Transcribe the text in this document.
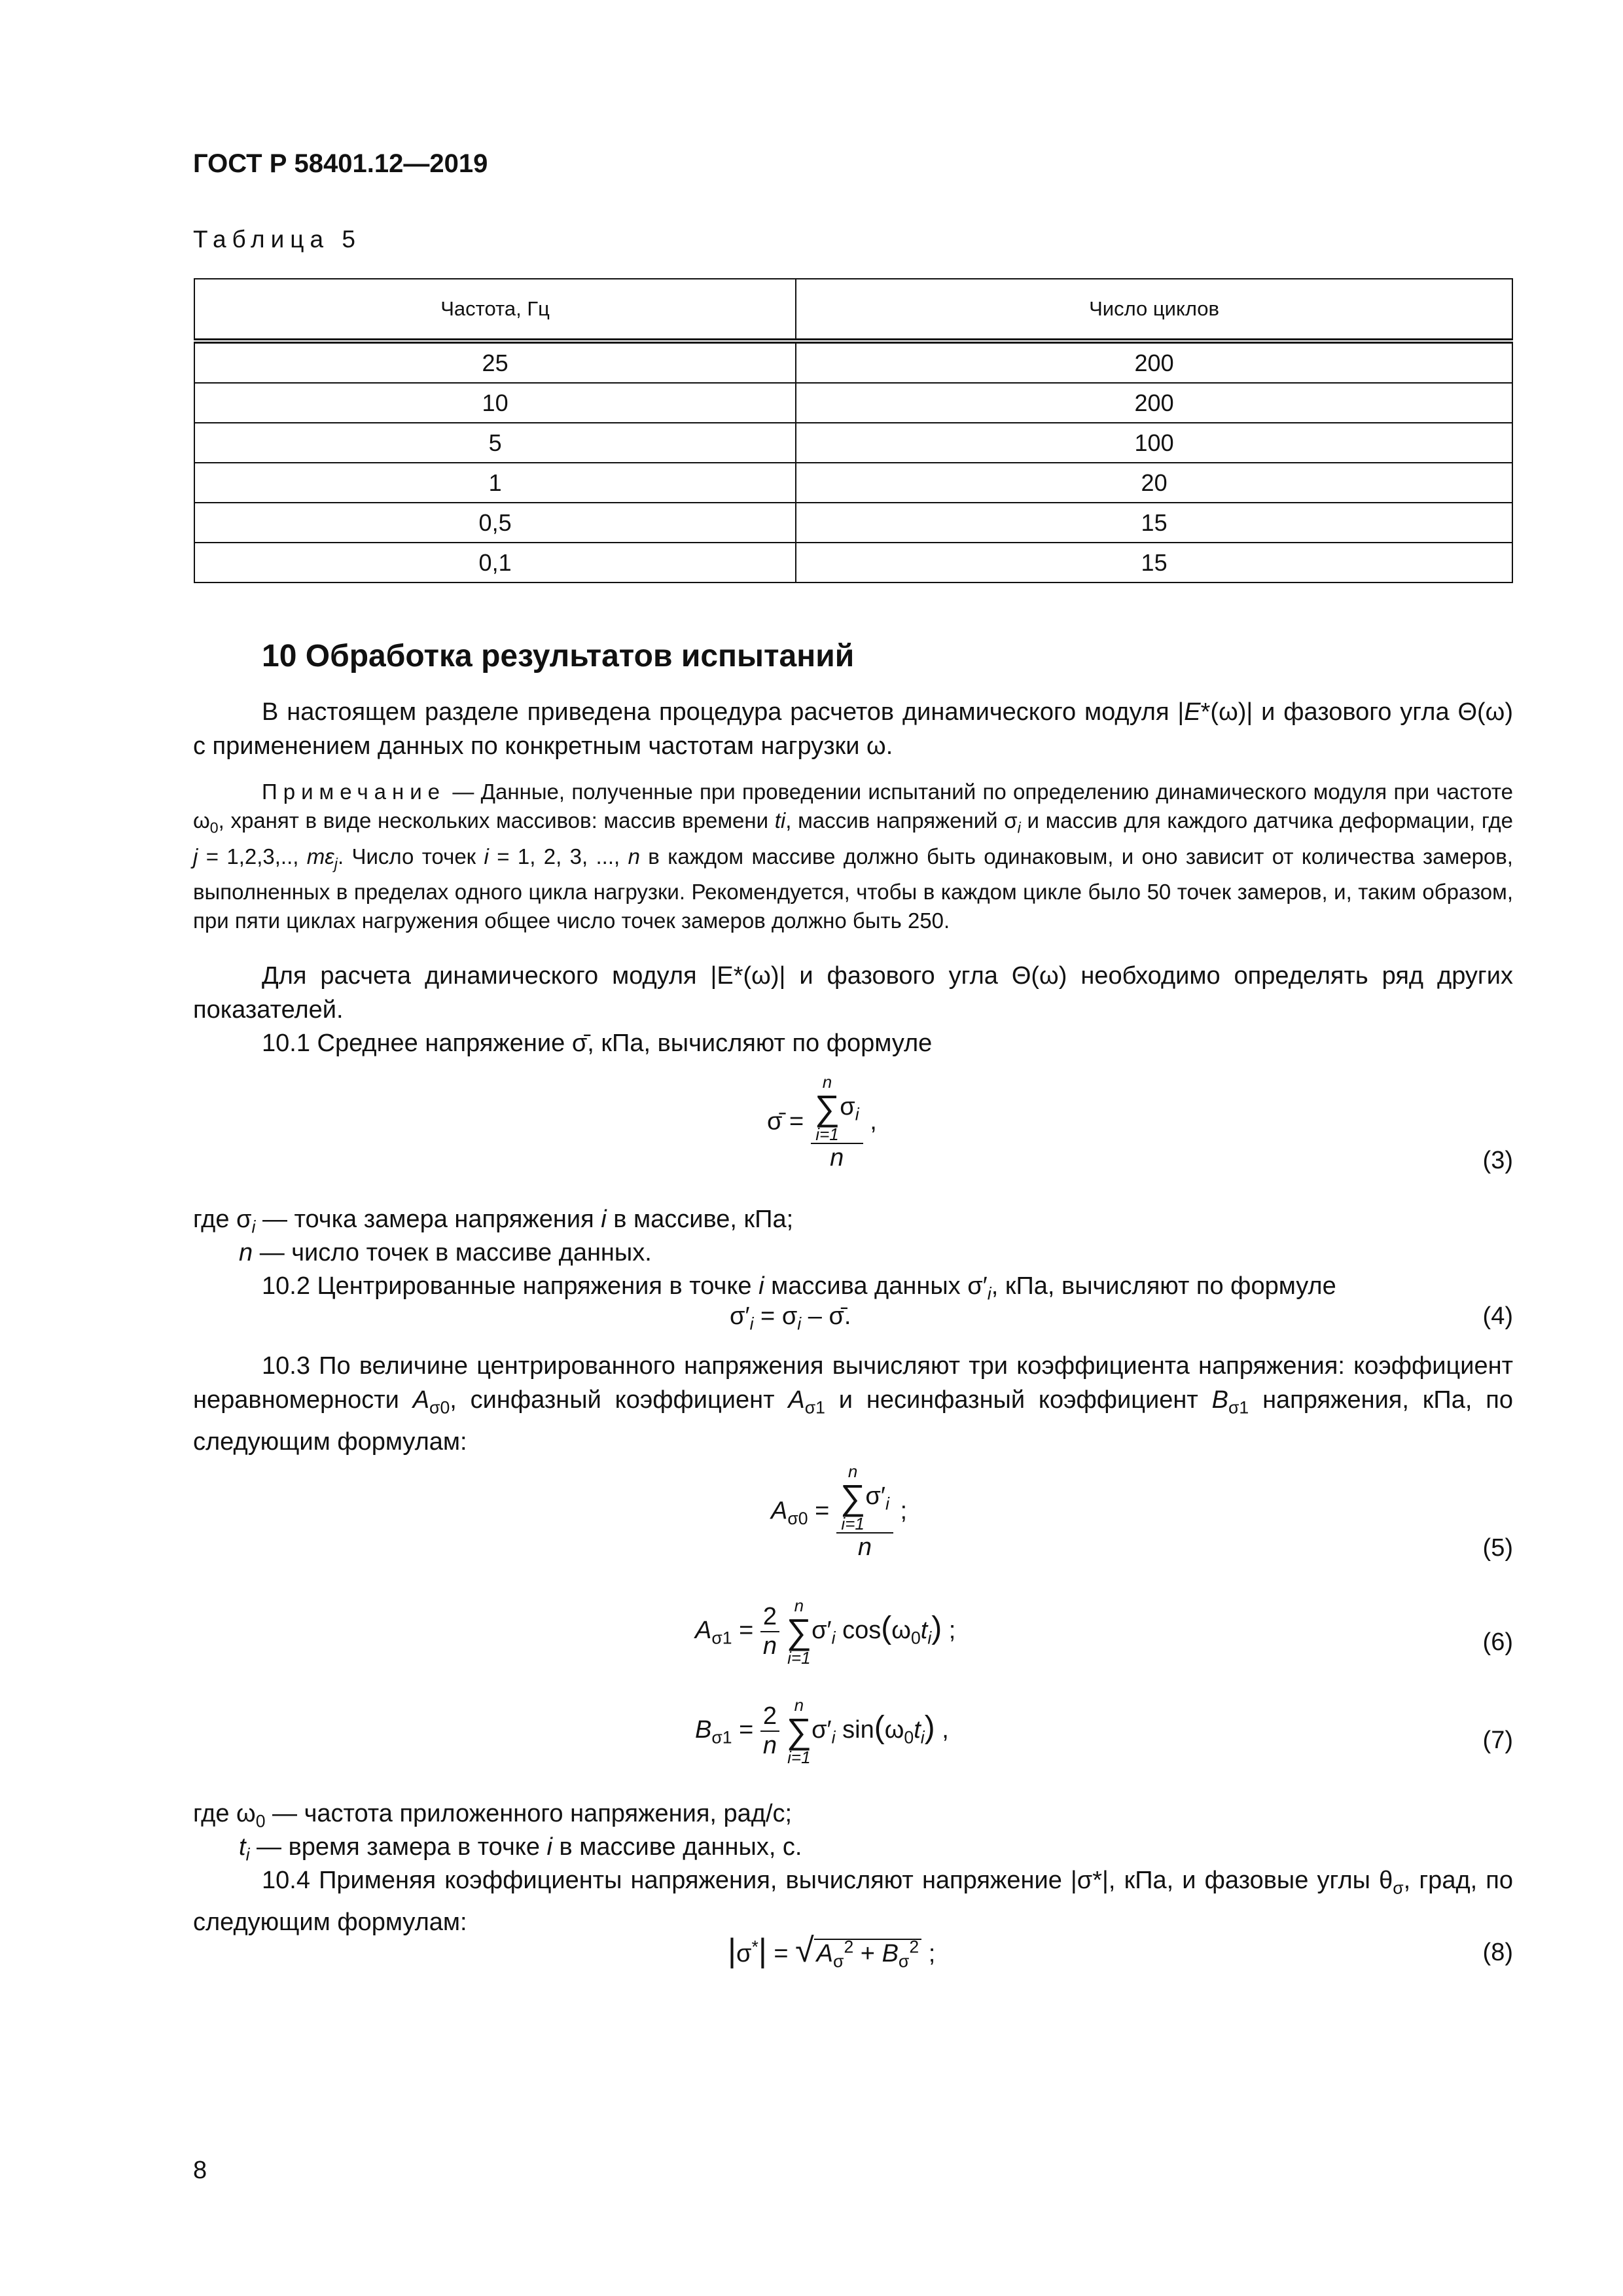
ГОСТ Р 58401.12—2019
Таблица 5
Частота, Гц	Число циклов
25	200
10	200
5	100
1	20
0,5	15
0,1	15
10 Обработка результатов испытаний
В настоящем разделе приведена процедура расчетов динамического модуля |E*(ω)| и фазового угла Θ(ω) с применением данных по конкретным частотам нагрузки ω.
Примечание — Данные, полученные при проведении испытаний по определению динамического модуля при частоте $\omega_0$, хранят в виде нескольких массивов: массив времени ti, массив напряжений $\sigma_i$ и массив для каждого датчика деформации, где j = 1,2,3,.., $m\varepsilon_j$. Число точек i = 1, 2, 3, ..., n в каждом массиве должно быть одинаковым, и оно зависит от количества замеров, выполненных в пределах одного цикла нагрузки. Рекомендуется, чтобы в каждом цикле было 50 точек замеров, и, таким образом, при пяти циклах нагружения общее число точек замеров должно быть 250.
Для расчета динамического модуля |E*(ω)| и фазового угла Θ(ω) необходимо определять ряд других показателей.
10.1 Среднее напряжение σ̄, кПа, вычисляют по формуле
σ̄ = n
∑
i=1
$\sigma_i$
n ,
(3)
где $\sigma_i$ — точка замера напряжения i в массиве, кПа;
n — число точек в массиве данных.
10.2 Центрированные напряжения в точке i массива данных $\sigma'_i$, кПа, вычисляют по формуле
$\sigma'_i = \sigma_i$ – σ̄.	(4)
10.3 По величине центрированного напряжения вычисляют три коэффициента напряжения: коэффициент неравномерности $A_{\sigma 0}$, синфазный коэффициент $A_{\sigma 1}$ и несинфазный коэффициент $B_{\sigma 1}$ напряжения, кПа, по следующим формулам:
$A_{\sigma 0} = n$
∑
i=1
$\sigma'_i$
n ;
(5)
$A_{\sigma 1} = \frac{2}{n}$
n
∑
i=1
$\sigma'_i$ $\cos(\omega_0t_i)$ ;	(6)
$B_{\sigma 1} = \frac{2}{n}$
n
∑
i=1
$\sigma'_i$ $\sin(\omega_0t_i)$ ,	(7)
где $\omega_0$ — частота приложенного напряжения, рад/с;
$t_i$ — время замера в точке i в массиве данных, с.
10.4 Применяя коэффициенты напряжения, вычисляют напряжение |σ*|, кПа, и фазовые углы $\theta_\sigma$, град, по следующим формулам:
|σ*| = √ $A_\sigma^2 + B_\sigma^2$ ;	(8)
8
